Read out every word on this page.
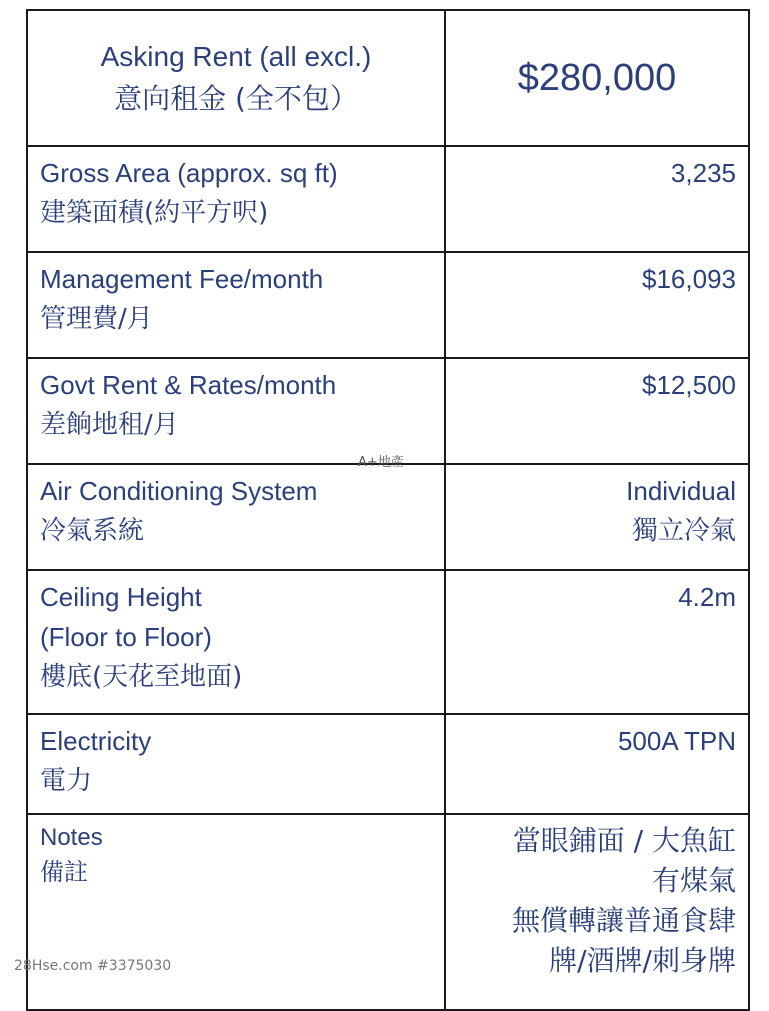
Asking Rent (all excl.)
意向租金 (全不包）	$280,000

Gross Area (approx. sq ft)
建築面積(約平方呎)	3,235

Management Fee/month
管理費/月	$16,093

Govt Rent & Rates/month
差餉地租/月	$12,500

Air Conditioning System
冷氣系統	Individual
獨立冷氣

Ceiling Height
(Floor to Floor)
樓底(天花至地面)	4.2m

Electricity
電力	500A TPN

Notes
備註	當眼鋪面 / 大魚缸
有煤氣
無償轉讓普通食肆
牌/酒牌/刺身牌
A+地產
28Hse.com #3375030
